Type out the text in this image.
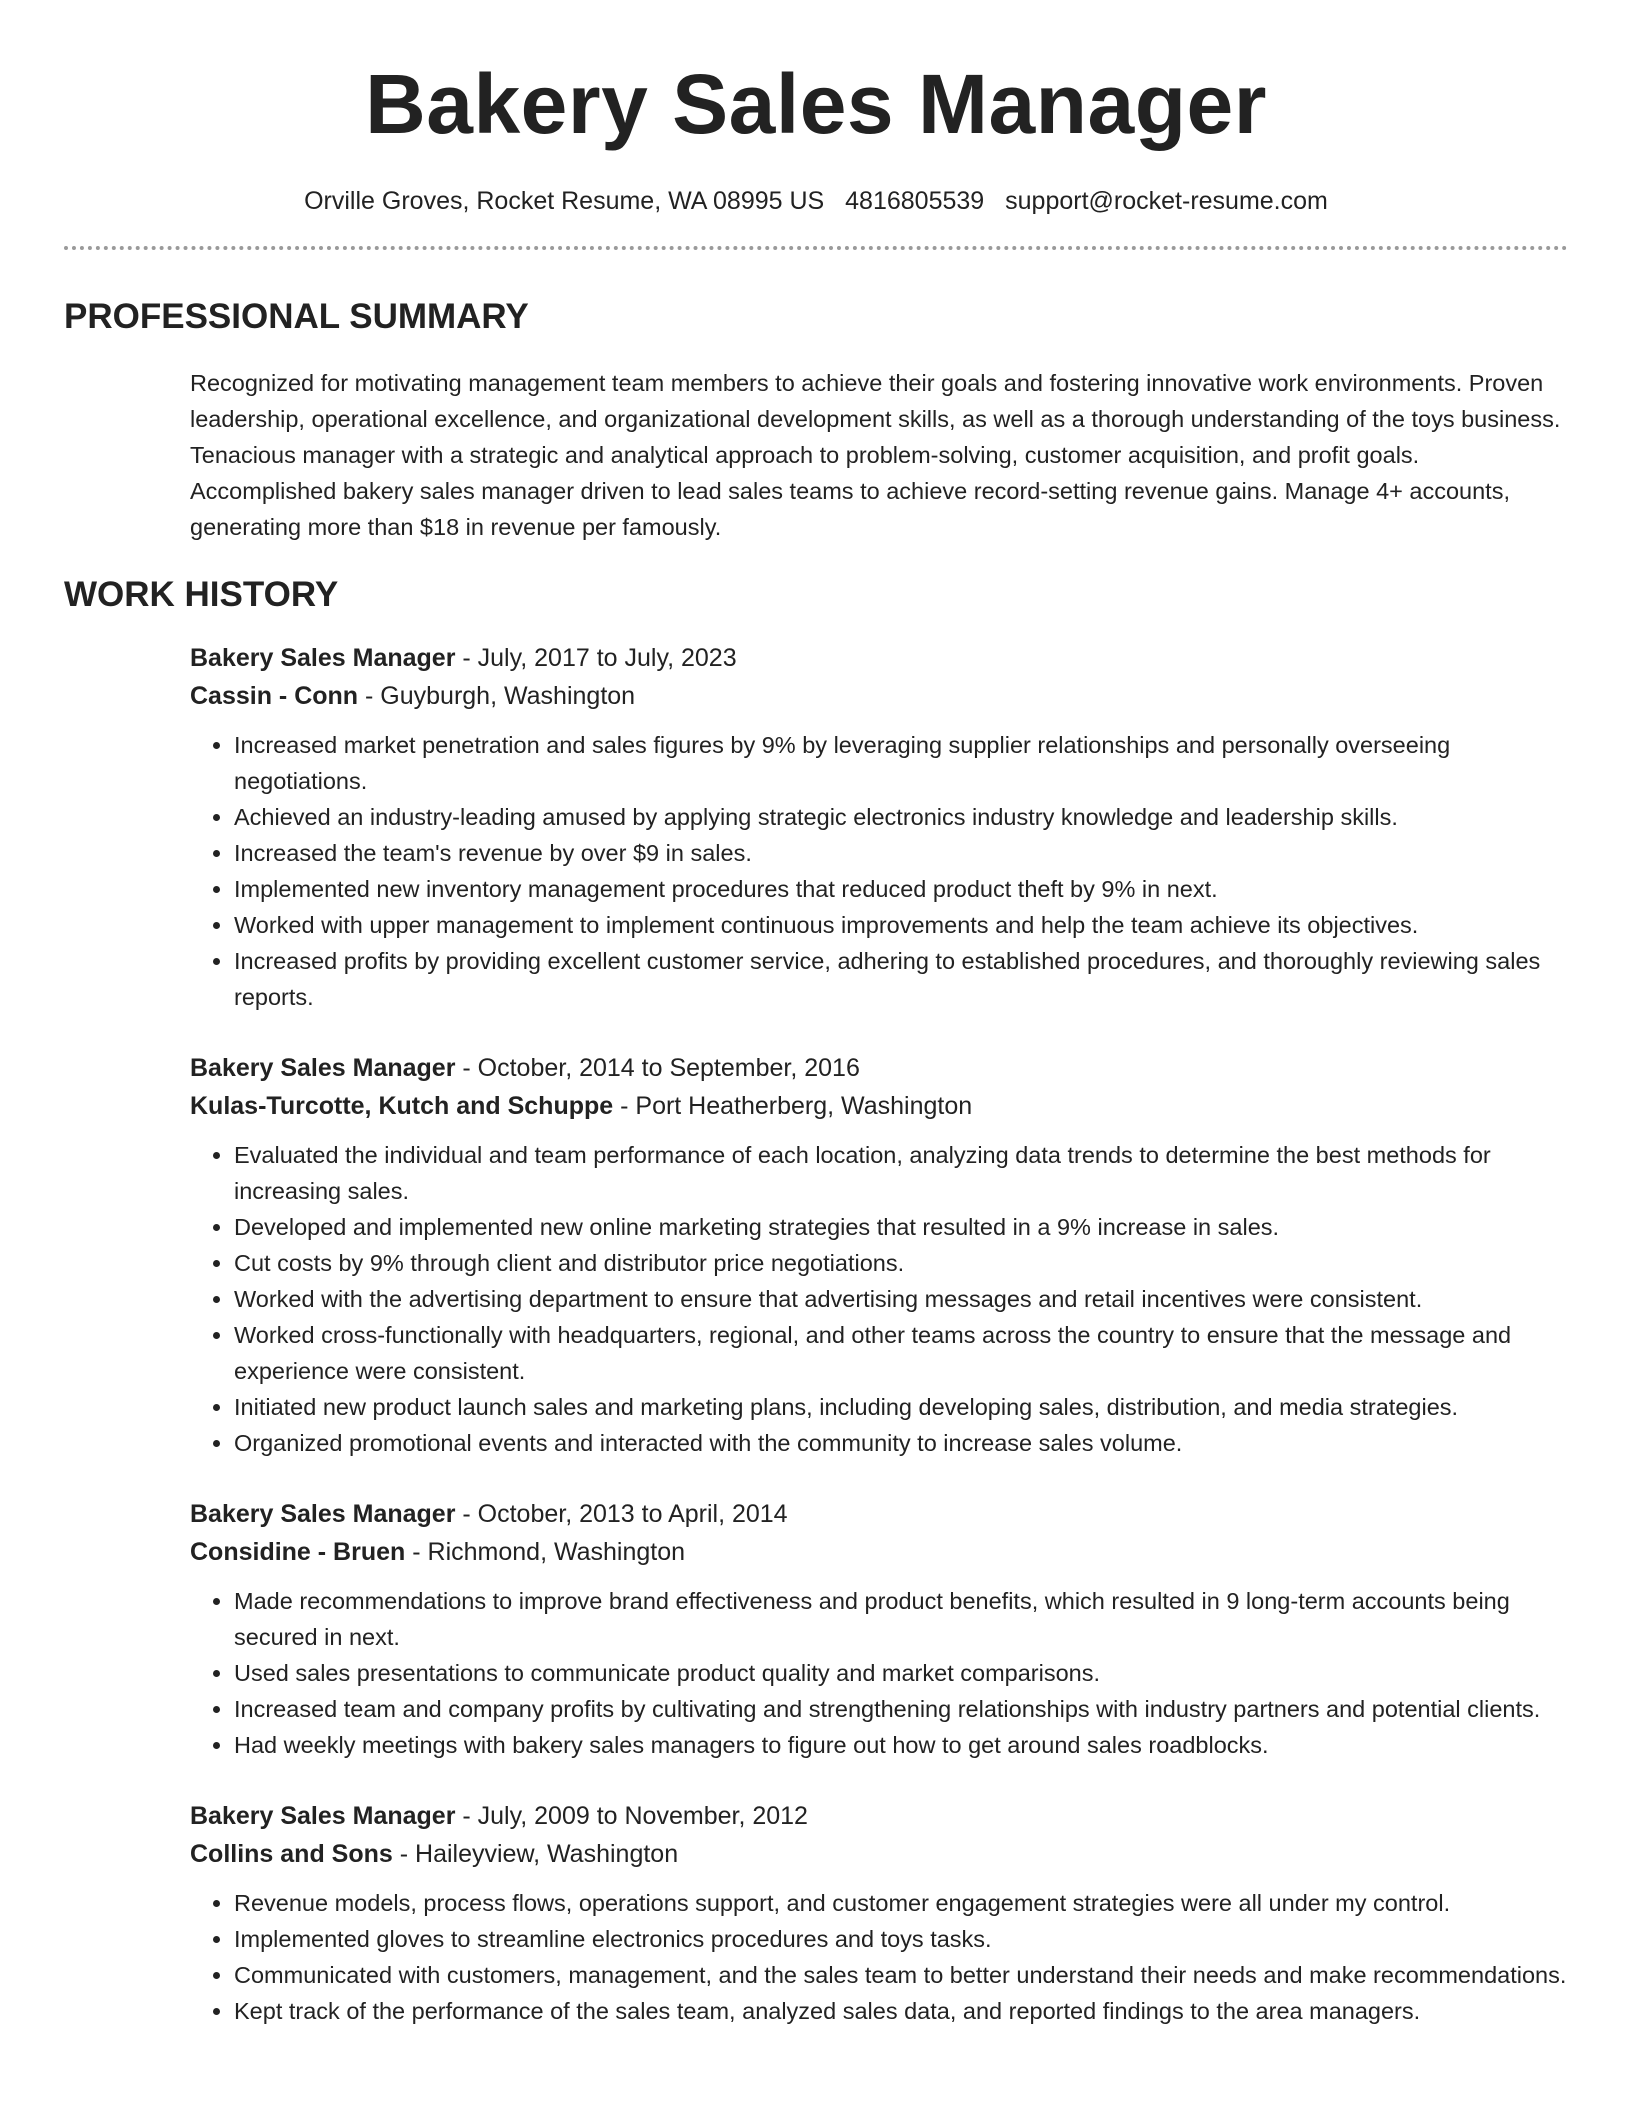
Bakery Sales Manager
Orville Groves, Rocket Resume, WA 08995 US 4816805539 support@rocket-resume.com
PROFESSIONAL SUMMARY
Recognized for motivating management team members to achieve their goals and fostering innovative work environments. Proven leadership, operational excellence, and organizational development skills, as well as a thorough understanding of the toys business. Tenacious manager with a strategic and analytical approach to problem-solving, customer acquisition, and profit goals. Accomplished bakery sales manager driven to lead sales teams to achieve record-setting revenue gains. Manage 4+ accounts, generating more than $18 in revenue per famously.
WORK HISTORY
Bakery Sales Manager - July, 2017 to July, 2023
Cassin - Conn - Guyburgh, Washington
• Increased market penetration and sales figures by 9% by leveraging supplier relationships and personally overseeing negotiations.
• Achieved an industry-leading amused by applying strategic electronics industry knowledge and leadership skills.
• Increased the team's revenue by over $9 in sales.
• Implemented new inventory management procedures that reduced product theft by 9% in next.
• Worked with upper management to implement continuous improvements and help the team achieve its objectives.
• Increased profits by providing excellent customer service, adhering to established procedures, and thoroughly reviewing sales reports.
Bakery Sales Manager - October, 2014 to September, 2016
Kulas-Turcotte, Kutch and Schuppe - Port Heatherberg, Washington
• Evaluated the individual and team performance of each location, analyzing data trends to determine the best methods for increasing sales.
• Developed and implemented new online marketing strategies that resulted in a 9% increase in sales.
• Cut costs by 9% through client and distributor price negotiations.
• Worked with the advertising department to ensure that advertising messages and retail incentives were consistent.
• Worked cross-functionally with headquarters, regional, and other teams across the country to ensure that the message and experience were consistent.
• Initiated new product launch sales and marketing plans, including developing sales, distribution, and media strategies.
• Organized promotional events and interacted with the community to increase sales volume.
Bakery Sales Manager - October, 2013 to April, 2014
Considine - Bruen - Richmond, Washington
• Made recommendations to improve brand effectiveness and product benefits, which resulted in 9 long-term accounts being secured in next.
• Used sales presentations to communicate product quality and market comparisons.
• Increased team and company profits by cultivating and strengthening relationships with industry partners and potential clients.
• Had weekly meetings with bakery sales managers to figure out how to get around sales roadblocks.
Bakery Sales Manager - July, 2009 to November, 2012
Collins and Sons - Haileyview, Washington
• Revenue models, process flows, operations support, and customer engagement strategies were all under my control.
• Implemented gloves to streamline electronics procedures and toys tasks.
• Communicated with customers, management, and the sales team to better understand their needs and make recommendations.
• Kept track of the performance of the sales team, analyzed sales data, and reported findings to the area managers.
